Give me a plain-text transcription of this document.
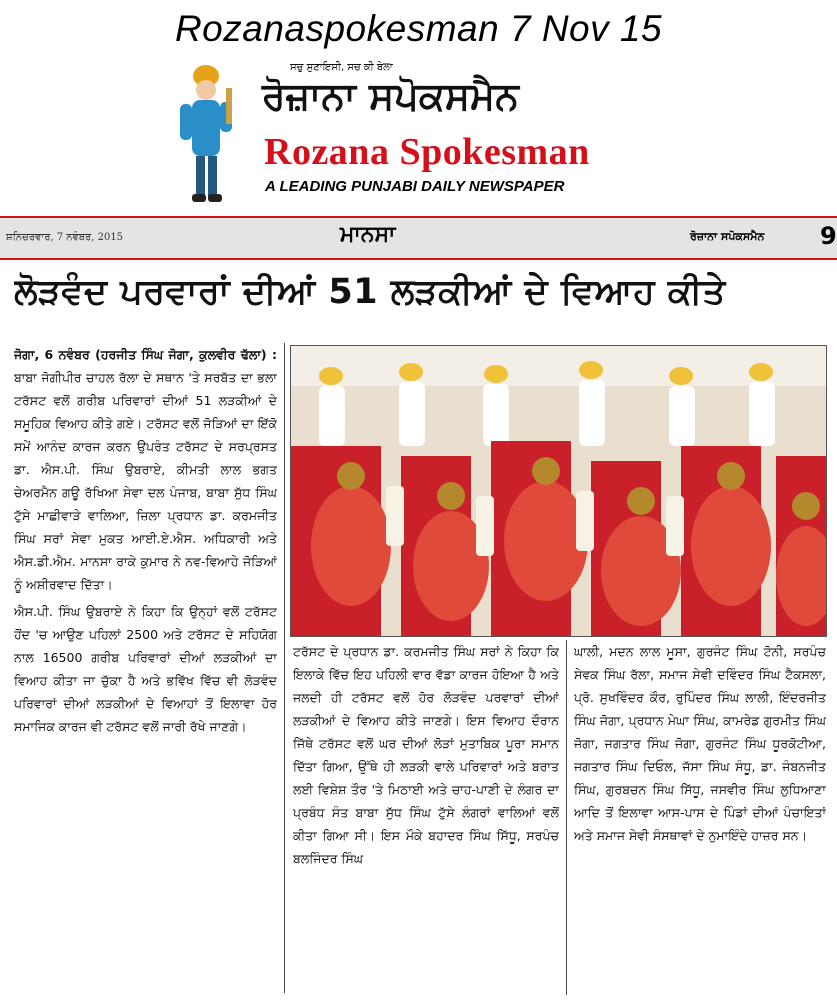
Rozanaspokesman 7 Nov 15
ਸਚੁ ਸੁਣਾਇਸੀ, ਸਚ ਕੀ ਬੇਲਾ
ਰੋਜ਼ਾਨਾ ਸਪੋਕਸਮੈਨ
Rozana Spokesman
A LEADING PUNJABI DAILY NEWSPAPER
ਸ਼ਨਿਚਰਵਾਰ, 7 ਨਵੰਬਰ, 2015	ਮਾਨਸਾ	ਰੋਜ਼ਾਨਾ ਸਪੋਕਸਮੈਨ 9
ਲੋੜਵੰਦ ਪਰਵਾਰਾਂ ਦੀਆਂ 51 ਲੜਕੀਆਂ ਦੇ ਵਿਆਹ ਕੀਤੇ

ਜੋਗਾ, 6 ਨਵੰਬਰ (ਹਰਜੀਤ ਸਿੰਘ ਜੋਗਾ, ਕੁਲਵੀਰ ਢੱਲਾ) : ਬਾਬਾ ਜੋਗੀਪੀਰ ਚਾਹਲ ਰੱਲਾ ਦੇ ਸਥਾਨ 'ਤੇ ਸਰਬੱਤ ਦਾ ਭਲਾ ਟਰੱਸਟ ਵਲੋਂ ਗਰੀਬ ਪਰਿਵਾਰਾਂ ਦੀਆਂ 51 ਲੜਕੀਆਂ ਦੇ ਸਮੂਹਿਕ ਵਿਆਹ ਕੀਤੇ ਗਏ। ਟਰੱਸਟ ਵਲੋਂ ਜੋੜਿਆਂ ਦਾ ਇੱਕੋ ਸਮੇਂ ਆਨੰਦ ਕਾਰਜ ਕਰਨ ਉਪਰੰਤ ਟਰੱਸਟ ਦੇ ਸਰਪ੍ਰਸਤ ਡਾ. ਐਸ.ਪੀ. ਸਿੰਘ ਉਬਰਾਏ, ਕੀਮਤੀ ਲਾਲ ਭਗਤ ਚੇਅਰਮੈਨ ਗਊ ਰੱਖਿਆ ਸੇਵਾ ਦਲ ਪੰਜਾਬ, ਬਾਬਾ ਸੁੱਧ ਸਿੰਘ ਟੁੱਸੇ ਮਾਛੀਵਾੜੇ ਵਾਲਿਆ, ਜ਼ਿਲਾ ਪ੍ਰਧਾਨ ਡਾ. ਕਰਮਜੀਤ ਸਿੰਘ ਸਰਾਂ ਸੇਵਾ ਮੁਕਤ ਆਈ.ਏ.ਐਸ. ਅਧਿਕਾਰੀ ਅਤੇ ਐਸ.ਡੀ.ਐਮ. ਮਾਨਸਾ ਰਾਕੇ ਕੁਮਾਰ ਨੇ ਨਵ-ਵਿਆਹੇ ਜੋੜਿਆਂ ਨੂੰ ਅਸ਼ੀਰਵਾਦ ਦਿੱਤਾ।

ਐਸ.ਪੀ. ਸਿੰਘ ਉਬਰਾਏ ਨੇ ਕਿਹਾ ਕਿ ਉਨ੍ਹਾਂ ਵਲੋਂ ਟਰੱਸਟ ਹੋਂਦ 'ਚ ਆਉਣ ਪਹਿਲਾਂ 2500 ਅਤੇ ਟਰੱਸਟ ਦੇ ਸਹਿਯੋਗ ਨਾਲ 16500 ਗਰੀਬ ਪਰਿਵਾਰਾਂ ਦੀਆਂ ਲੜਕੀਆਂ ਦਾ ਵਿਆਹ ਕੀਤਾ ਜਾ ਚੁੱਕਾ ਹੈ ਅਤੇ ਭਵਿੱਖ ਵਿੱਚ ਵੀ ਲੋੜਵੰਦ ਪਰਿਵਾਰਾਂ ਦੀਆਂ ਲੜਕੀਆਂ ਦੇ ਵਿਆਹਾਂ ਤੋਂ ਇਲਾਵਾ ਹੋਰ ਸਮਾਜਿਕ ਕਾਰਜ ਵੀ ਟਰੱਸਟ ਵਲੋਂ ਜਾਰੀ ਰੱਖੇ ਜਾਣਗੇ।

ਟਰੱਸਟ ਦੇ ਪ੍ਰਧਾਨ ਡਾ. ਕਰਮਜੀਤ ਸਿੰਘ ਸਰਾਂ ਨੇ ਕਿਹਾ ਕਿ ਇਲਾਕੇ ਵਿੱਚ ਇਹ ਪਹਿਲੀ ਵਾਰ ਵੱਡਾ ਕਾਰਜ ਹੋਇਆ ਹੈ ਅਤੇ ਜਲਦੀ ਹੀ ਟਰੱਸਟ ਵਲੋਂ ਹੋਰ ਲੋੜਵੰਦ ਪਰਵਾਰਾਂ ਦੀਆਂ ਲੜਕੀਆਂ ਦੇ ਵਿਆਹ ਕੀਤੇ ਜਾਣਗੇ। ਇਸ ਵਿਆਹ ਦੌਰਾਨ ਜਿੱਥੇ ਟਰੱਸਟ ਵਲੋਂ ਘਰ ਦੀਆਂ ਲੋੜਾਂ ਮੁਤਾਬਿਕ ਪੂਰਾ ਸਮਾਨ ਦਿੱਤਾ ਗਿਆ, ਉੱਥੇ ਹੀ ਲੜਕੀ ਵਾਲੇ ਪਰਿਵਾਰਾਂ ਅਤੇ ਬਰਾਤ ਲਈ ਵਿਸ਼ੇਸ਼ ਤੌਰ 'ਤੇ ਮਿਠਾਈ ਅਤੇ ਚਾਹ-ਪਾਣੀ ਦੇ ਲੰਗਰ ਦਾ ਪ੍ਰਬੰਧ ਸੰਤ ਬਾਬਾ ਸੁੱਧ ਸਿੰਘ ਟੁੱਸੇ ਲੰਗਰਾਂ ਵਾਲਿਆਂ ਵਲੋਂ ਕੀਤਾ ਗਿਆ ਸੀ। ਇਸ ਮੌਕੇ ਬਹਾਦਰ ਸਿੰਘ ਸਿੱਧੂ, ਸਰਪੰਚ ਬਲਜਿੰਦਰ ਸਿੰਘ

ਘਾਲੀ, ਮਦਨ ਲਾਲ ਮੂਸਾ, ਗੁਰਜੰਟ ਸਿੰਘ ਟੋਨੀ, ਸਰਪੰਚ ਸੇਵਕ ਸਿੰਘ ਰੱਲਾ, ਸਮਾਜ ਸੇਵੀ ਦਵਿੰਦਰ ਸਿੰਘ ਟੈਕਸਲਾ, ਪ੍ਰੋ. ਸੁਖਵਿੰਦਰ ਕੌਰ, ਰੁਪਿੰਦਰ ਸਿੰਘ ਲਾਲੀ, ਇੰਦਰਜੀਤ ਸਿੰਘ ਜੋਗਾ, ਪ੍ਰਧਾਨ ਮੇਘਾ ਸਿੰਘ, ਕਾਮਰੇਡ ਗੁਰਮੀਤ ਸਿੰਘ ਜੋਗਾ, ਜਗਤਾਰ ਸਿੰਘ ਜੋਗਾ, ਗੁਰਜੰਟ ਸਿੰਘ ਧੂਰਕੋਟੀਆ, ਜਗਤਾਰ ਸਿੰਘ ਦਿਓਲ, ਜੱਸਾ ਸਿੰਘ ਸੰਧੂ, ਡਾ. ਜੰਬਨਜੀਤ ਸਿੰਘ, ਗੁਰਬਚਨ ਸਿੰਘ ਸਿੱਧੂ, ਜਸਵੀਰ ਸਿੰਘ ਲੁਧਿਆਣਾ ਆਦਿ ਤੋਂ ਇਲਾਵਾ ਆਸ-ਪਾਸ ਦੇ ਪਿੰਡਾਂ ਦੀਆਂ ਪੰਚਾਇਤਾਂ ਅਤੇ ਸਮਾਜ ਸੇਵੀ ਸੰਸਥਾਵਾਂ ਦੇ ਨੁਮਾਇੰਦੇ ਹਾਜ਼ਰ ਸਨ।
